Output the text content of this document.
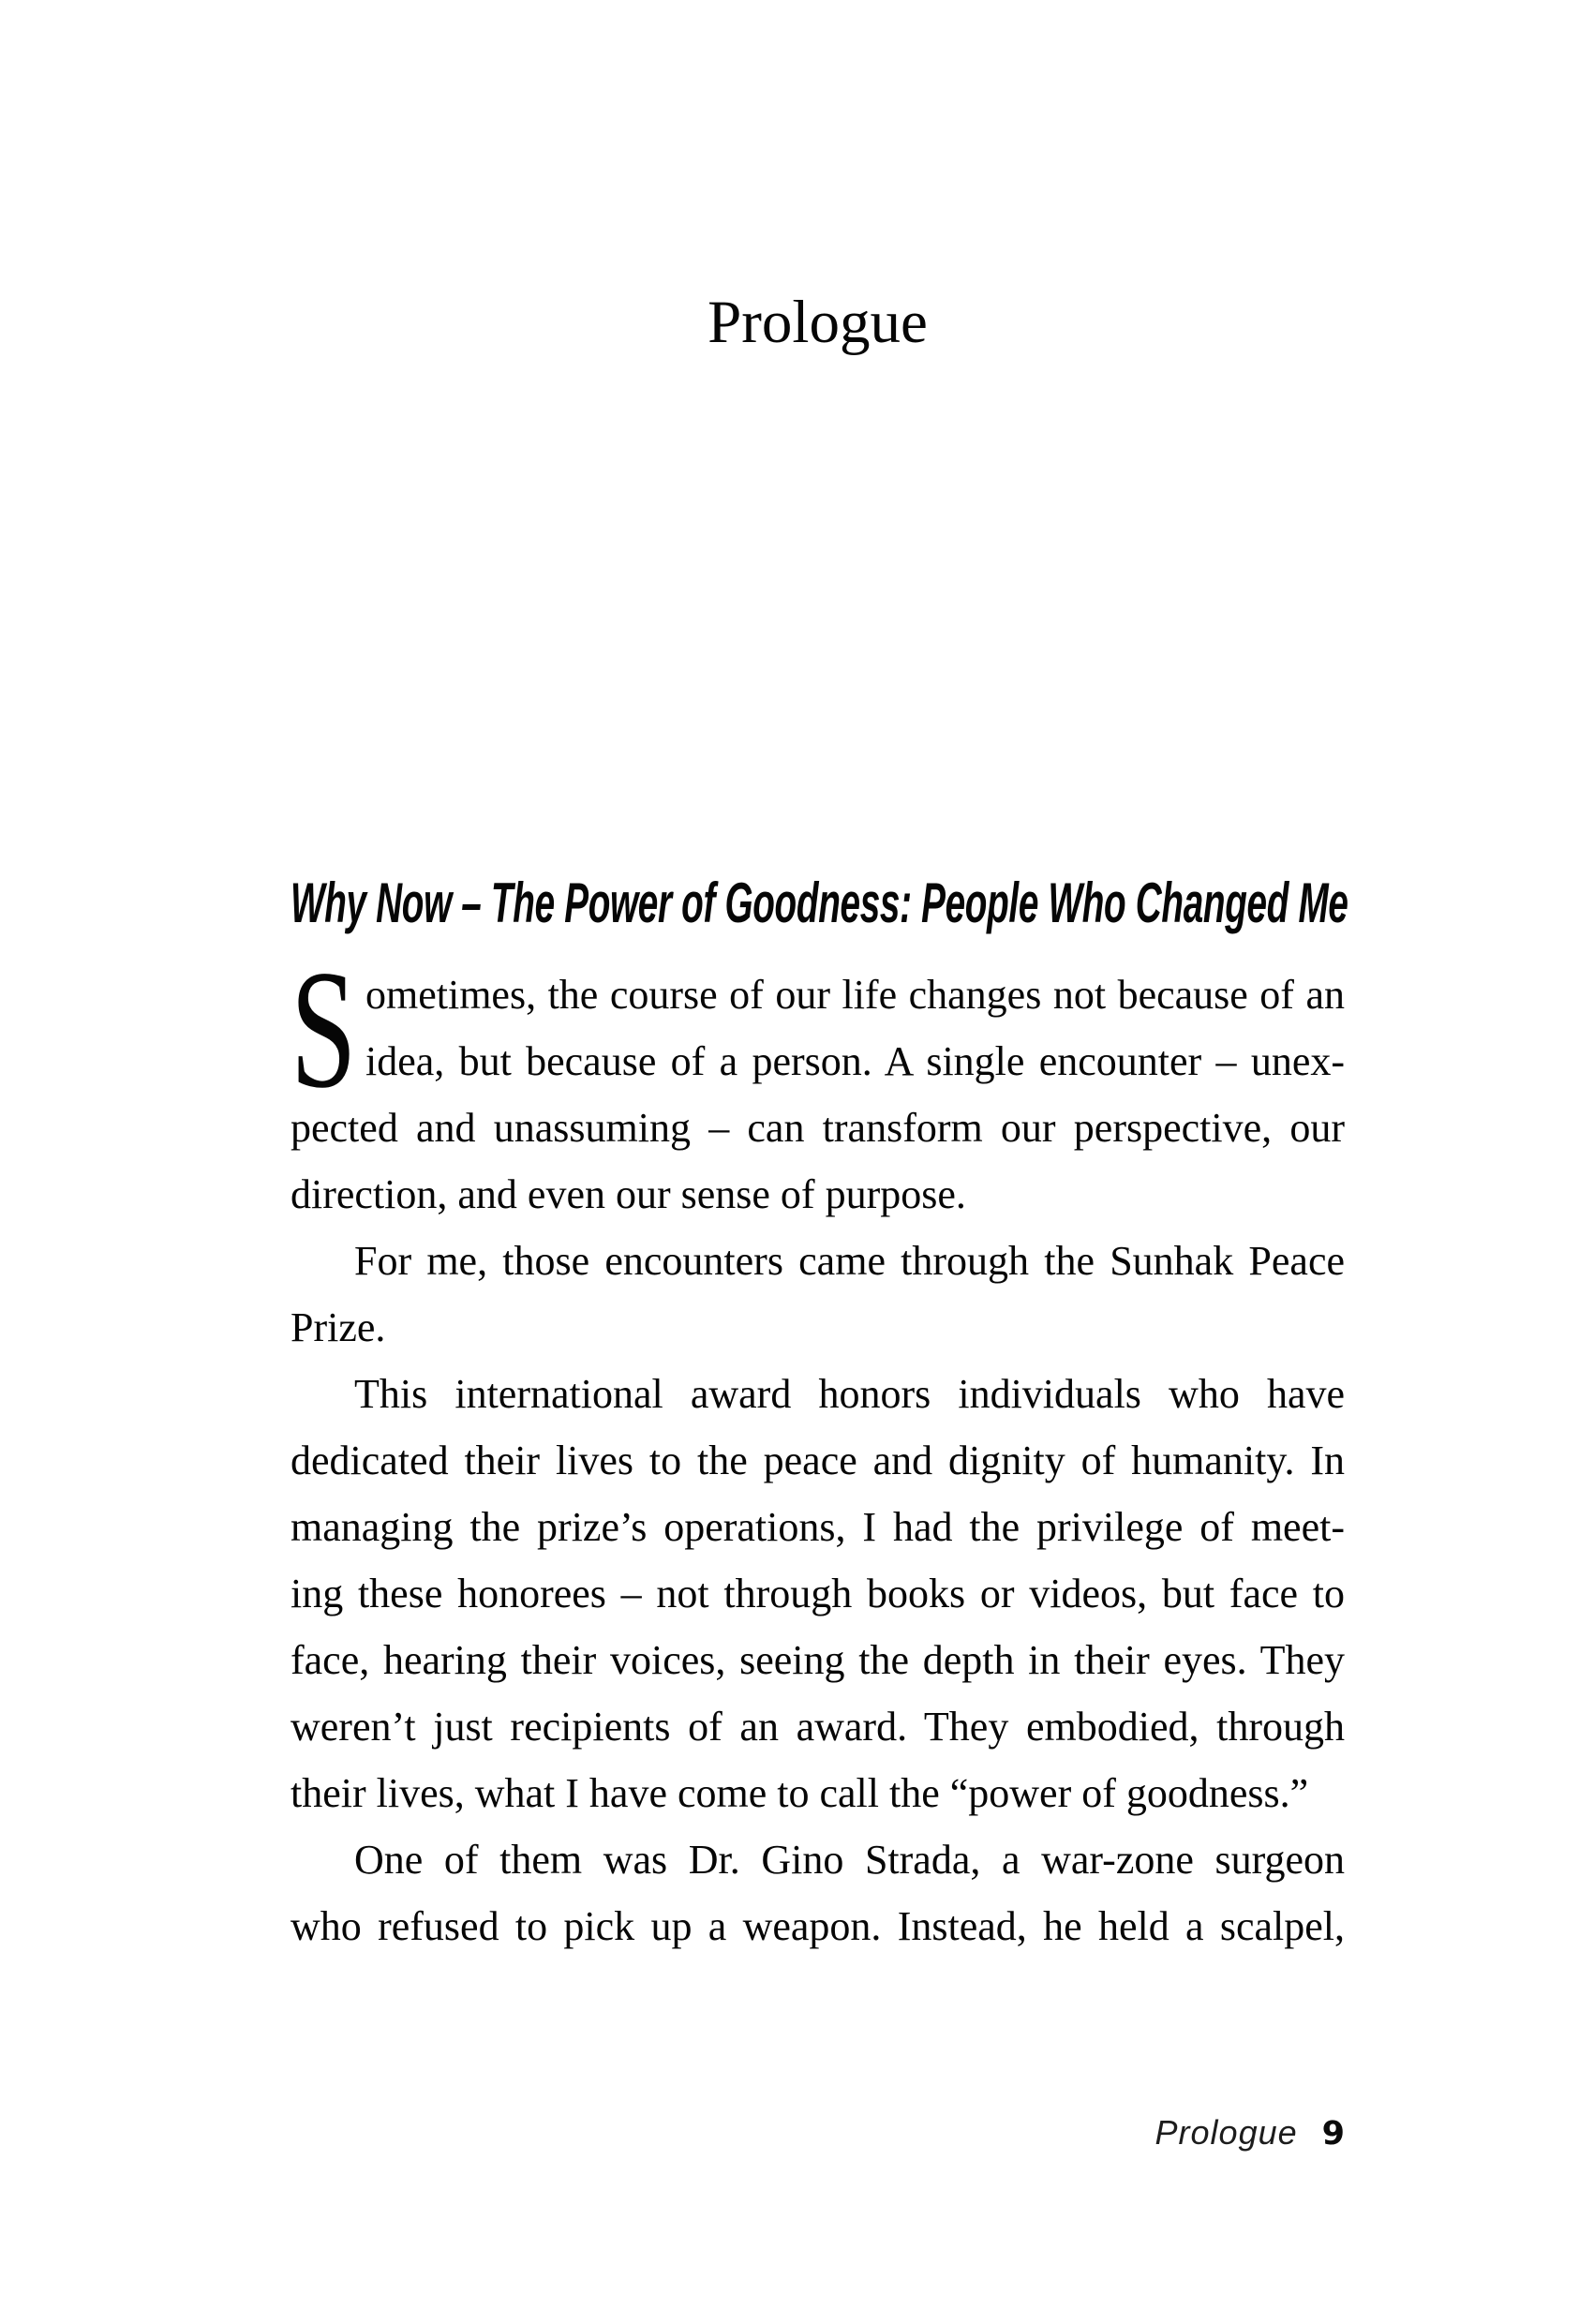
Prologue
Why Now – The Power of Goodness: People Who Changed Me
S ometimes, the course of our life changes not because of an
idea, but because of a person. A single encounter – unex-
pected and unassuming – can transform our perspective, our
direction, and even our sense of purpose.
For me, those encounters came through the Sunhak Peace
Prize.
This international award honors individuals who have
dedicated their lives to the peace and dignity of humanity. In
managing the prize’s operations, I had the privilege of meet-
ing these honorees – not through books or videos, but face to
face, hearing their voices, seeing the depth in their eyes. They
weren’t just recipients of an award. They embodied, through
their lives, what I have come to call the “power of goodness.”
One of them was Dr. Gino Strada, a war-zone surgeon
who refused to pick up a weapon. Instead, he held a scalpel,
Prologue 9
